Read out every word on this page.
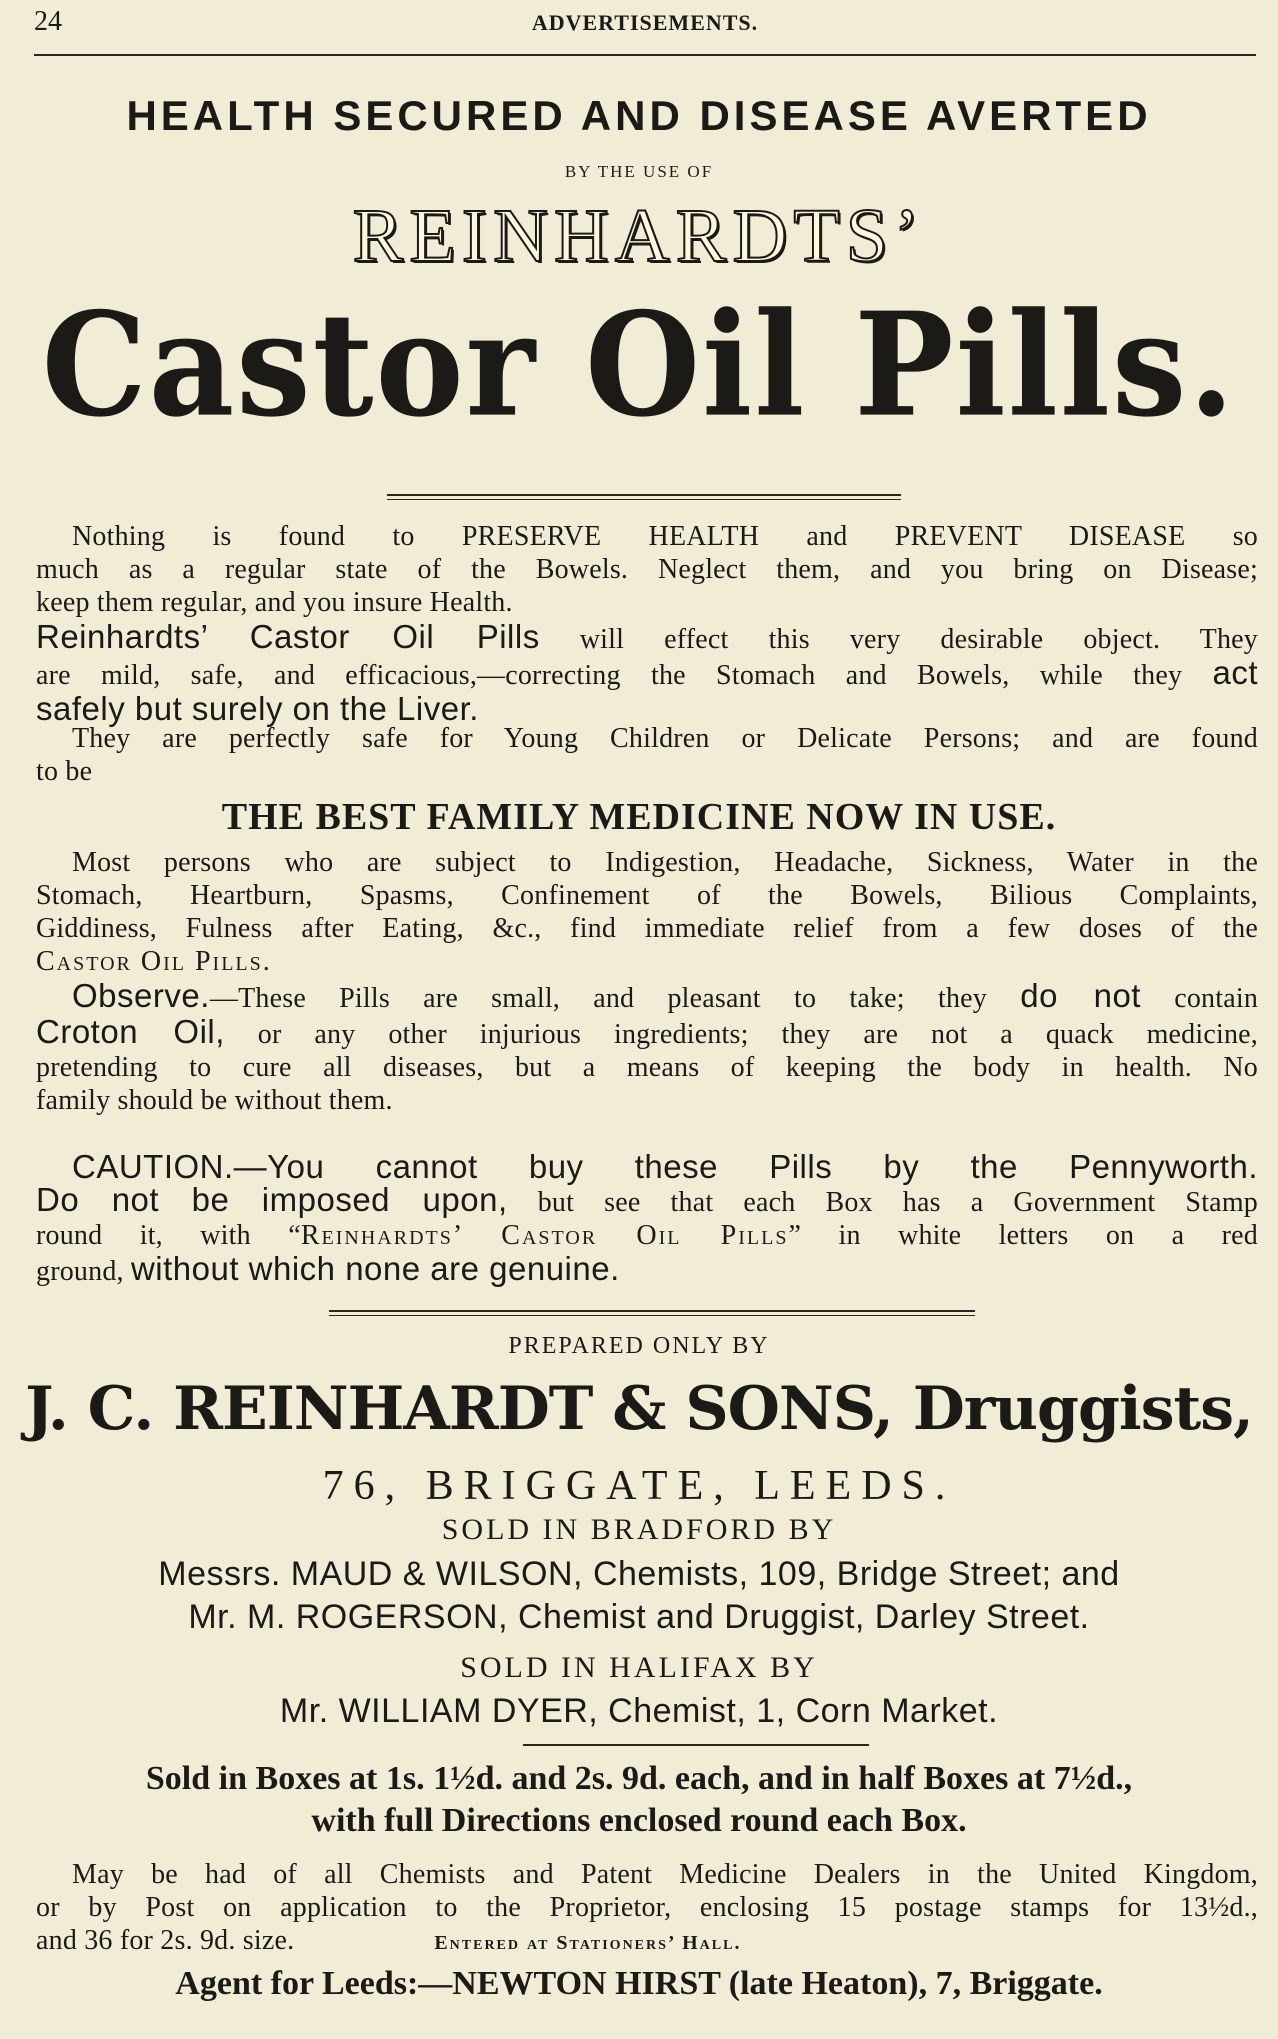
24	ADVERTISEMENTS.
HEALTH SECURED AND DISEASE AVERTED
BY THE USE OF
REINHARDTS’
Castor Oil Pills.
Nothing is found to PRESERVE HEALTH and PREVENT DISEASE so
much as a regular state of the Bowels. Neglect them, and you bring on Disease;
keep them regular, and you insure Health.
Reinhardts’ Castor Oil Pills will effect this very desirable object. They
are mild, safe, and efficacious,—correcting the Stomach and Bowels, while they act
safely but surely on the Liver.
They are perfectly safe for Young Children or Delicate Persons; and are found
to be
THE BEST FAMILY MEDICINE NOW IN USE.
Most persons who are subject to Indigestion, Headache, Sickness, Water in the
Stomach, Heartburn, Spasms, Confinement of the Bowels, Bilious Complaints,
Giddiness, Fulness after Eating, &c., find immediate relief from a few doses of the
Castor Oil Pills.
Observe.—These Pills are small, and pleasant to take; they do not contain
Croton Oil, or any other injurious ingredients; they are not a quack medicine,
pretending to cure all diseases, but a means of keeping the body in health. No
family should be without them.
CAUTION.—You cannot buy these Pills by the Pennyworth.
Do not be imposed upon, but see that each Box has a Government Stamp
round it, with “Reinhardts’ Castor Oil Pills” in white letters on a red
ground, without which none are genuine.
PREPARED ONLY BY
J. C. REINHARDT & SONS, Druggists,
76, BRIGGATE, LEEDS.
SOLD IN BRADFORD BY
Messrs. MAUD & WILSON, Chemists, 109, Bridge Street; and
Mr. M. ROGERSON, Chemist and Druggist, Darley Street.
SOLD IN HALIFAX BY
Mr. WILLIAM DYER, Chemist, 1, Corn Market.
Sold in Boxes at 1s. 1½d. and 2s. 9d. each, and in half Boxes at 7½d.,
with full Directions enclosed round each Box.
May be had of all Chemists and Patent Medicine Dealers in the United Kingdom,
or by Post on application to the Proprietor, enclosing 15 postage stamps for 13½d.,
and 36 for 2s. 9d. size.	Entered at Stationers’ Hall.
Agent for Leeds:—NEWTON HIRST (late Heaton), 7, Briggate.
